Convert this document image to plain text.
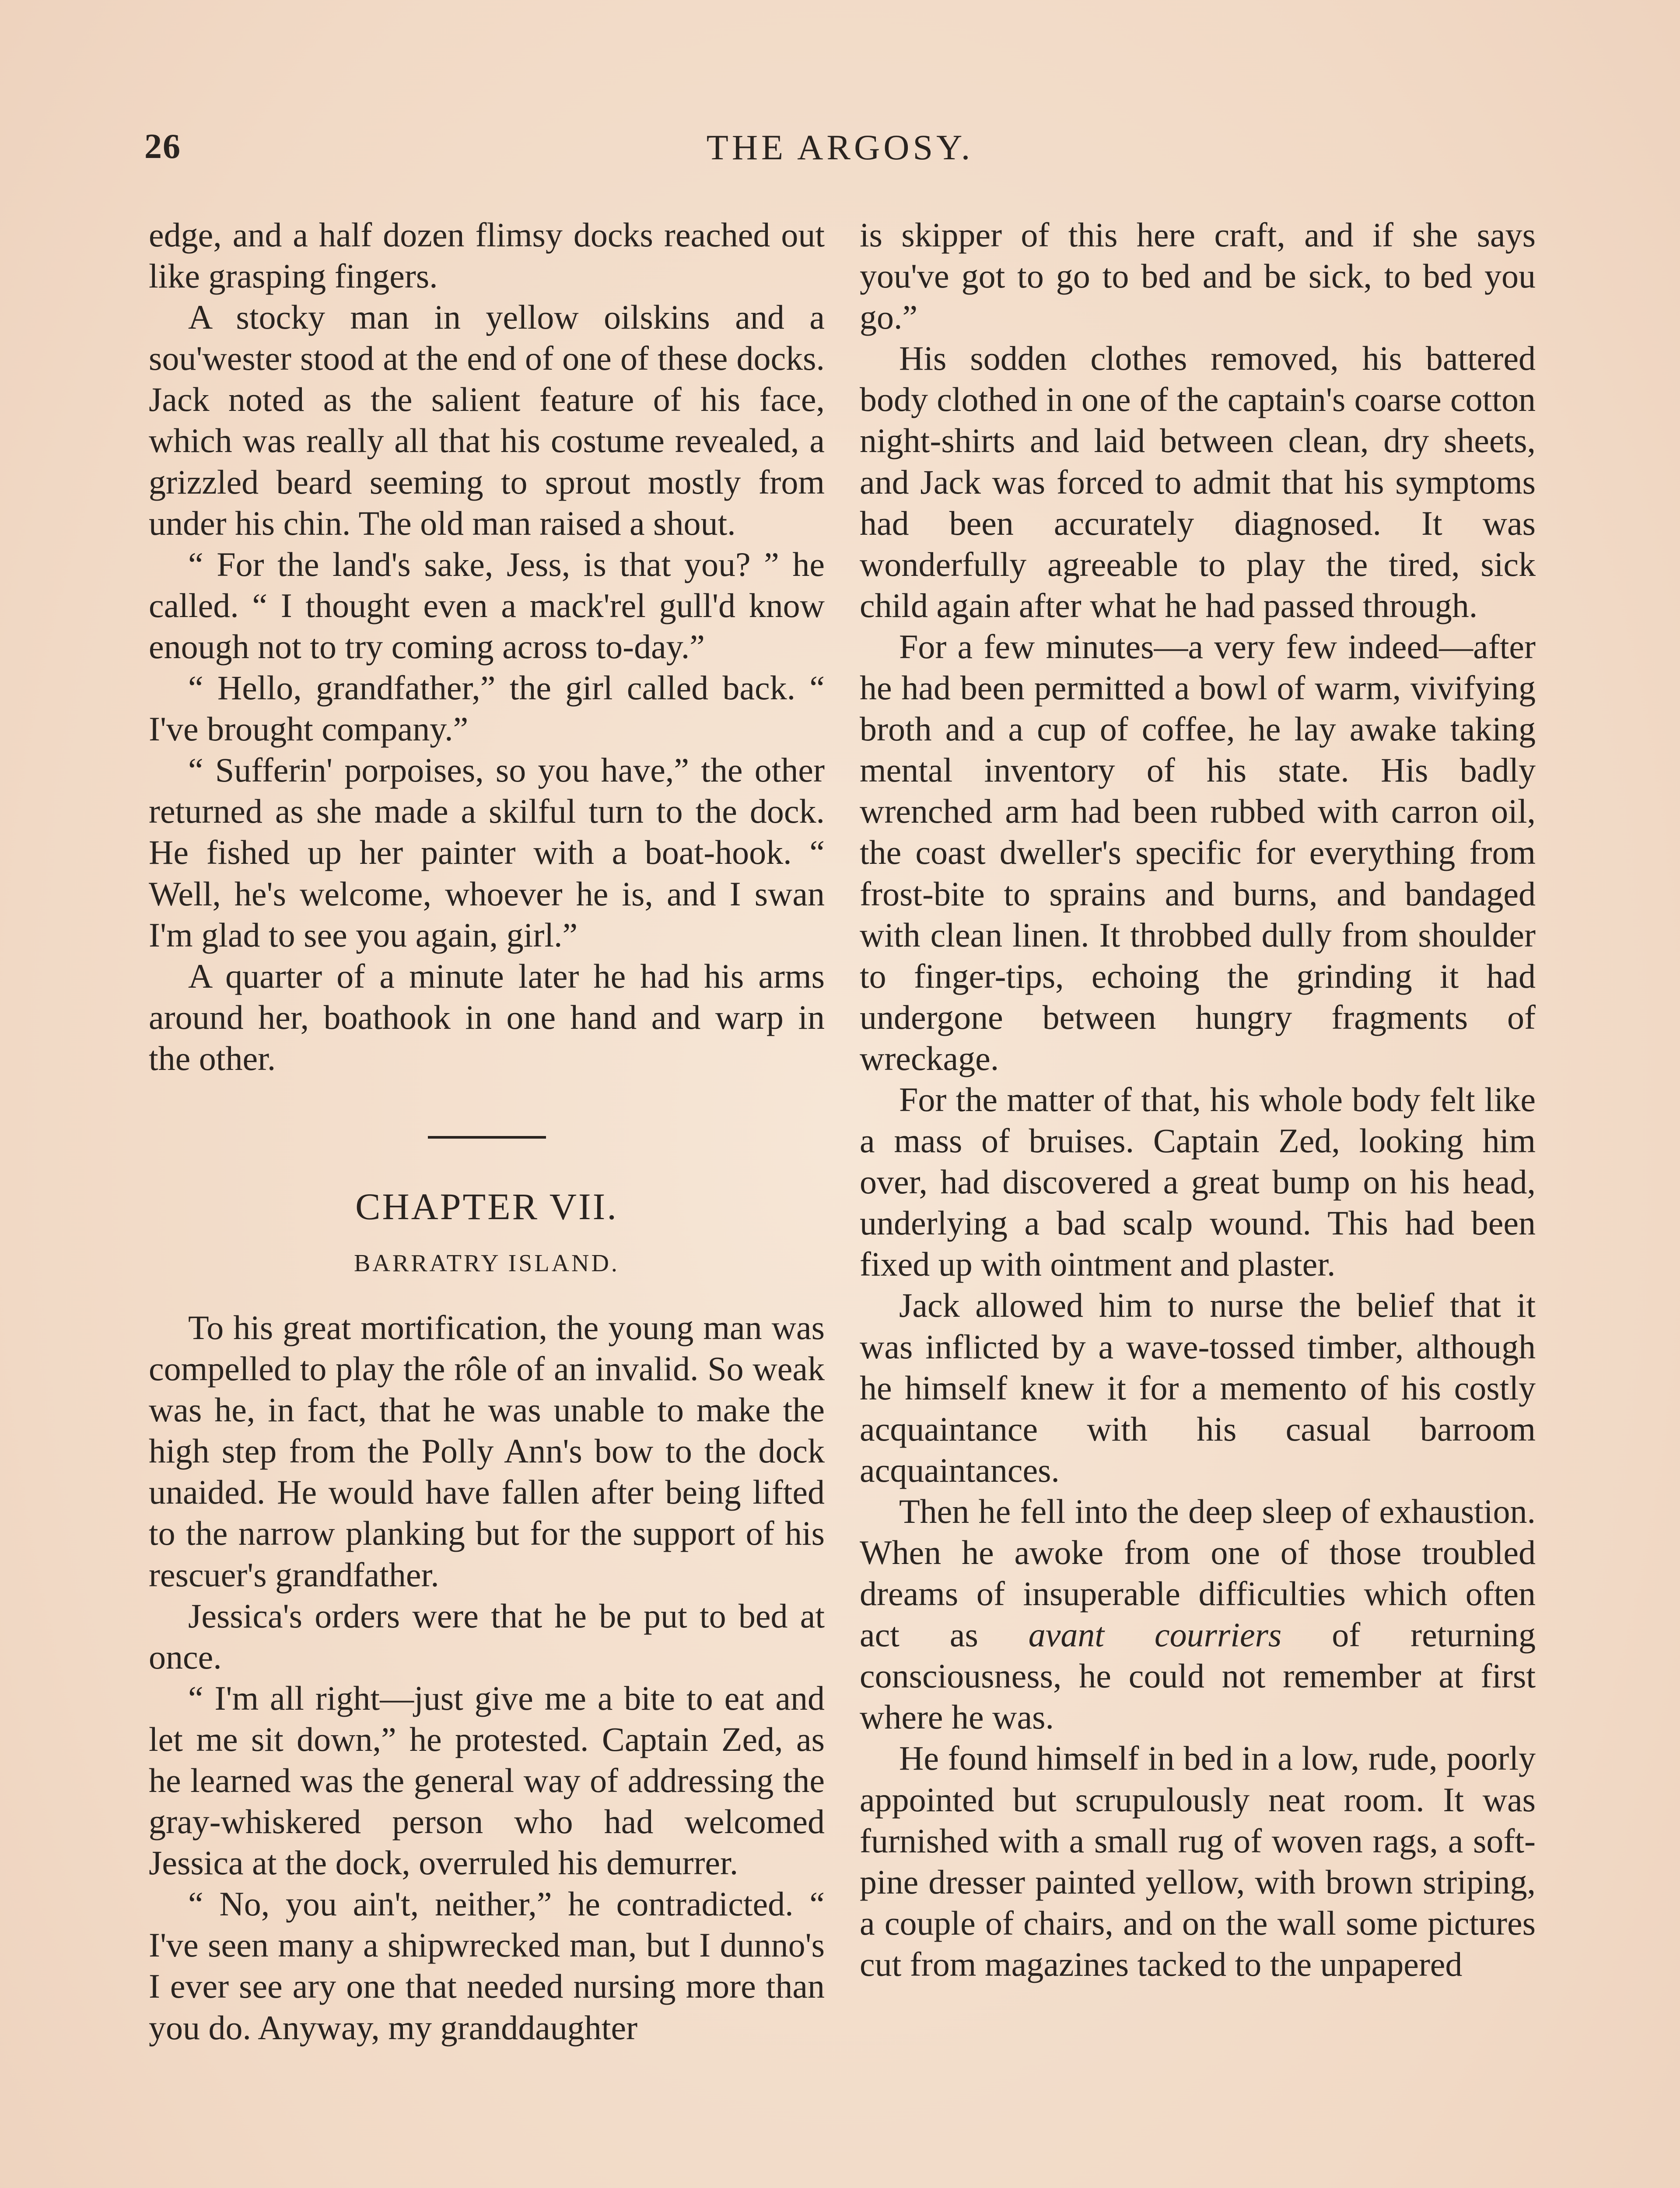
26	THE ARGOSY.

edge, and a half dozen flimsy docks reached out like grasping fingers.

A stocky man in yellow oilskins and a sou'wester stood at the end of one of these docks. Jack noted as the salient feature of his face, which was really all that his costume revealed, a grizzled beard seeming to sprout mostly from under his chin. The old man raised a shout.

“ For the land's sake, Jess, is that you? ” he called. “ I thought even a mack'rel gull'd know enough not to try coming across to-day.”

“ Hello, grandfather,” the girl called back. “ I've brought company.”

“ Sufferin' porpoises, so you have,” the other returned as she made a skilful turn to the dock. He fished up her painter with a boat-hook. “ Well, he's welcome, whoever he is, and I swan I'm glad to see you again, girl.”

A quarter of a minute later he had his arms around her, boathook in one hand and warp in the other.

CHAPTER VII.
BARRATRY ISLAND.

To his great mortification, the young man was compelled to play the rôle of an invalid. So weak was he, in fact, that he was unable to make the high step from the Polly Ann's bow to the dock unaided. He would have fallen after being lifted to the narrow planking but for the support of his rescuer's grandfather.

Jessica's orders were that he be put to bed at once.

“ I'm all right—just give me a bite to eat and let me sit down,” he protested. Captain Zed, as he learned was the general way of addressing the gray-whiskered person who had welcomed Jessica at the dock, overruled his demurrer.

“ No, you ain't, neither,” he contradicted. “ I've seen many a shipwrecked man, but I dunno's I ever see ary one that needed nursing more than you do. Anyway, my granddaughter

is skipper of this here craft, and if she says you've got to go to bed and be sick, to bed you go.”

His sodden clothes removed, his battered body clothed in one of the captain's coarse cotton night-shirts and laid between clean, dry sheets, and Jack was forced to admit that his symptoms had been accurately diagnosed. It was wonderfully agreeable to play the tired, sick child again after what he had passed through.

For a few minutes—a very few indeed—after he had been permitted a bowl of warm, vivifying broth and a cup of coffee, he lay awake taking mental inventory of his state. His badly wrenched arm had been rubbed with carron oil, the coast dweller's specific for everything from frost-bite to sprains and burns, and bandaged with clean linen. It throbbed dully from shoulder to finger-tips, echoing the grinding it had undergone between hungry fragments of wreckage.

For the matter of that, his whole body felt like a mass of bruises. Captain Zed, looking him over, had discovered a great bump on his head, underlying a bad scalp wound. This had been fixed up with ointment and plaster.

Jack allowed him to nurse the belief that it was inflicted by a wave-tossed timber, although he himself knew it for a memento of his costly acquaintance with his casual barroom acquaintances.

Then he fell into the deep sleep of exhaustion. When he awoke from one of those troubled dreams of insuperable difficulties which often act as avant courriers of returning consciousness, he could not remember at first where he was.

He found himself in bed in a low, rude, poorly appointed but scrupulously neat room. It was furnished with a small rug of woven rags, a soft-pine dresser painted yellow, with brown striping, a couple of chairs, and on the wall some pictures cut from magazines tacked to the unpapered
